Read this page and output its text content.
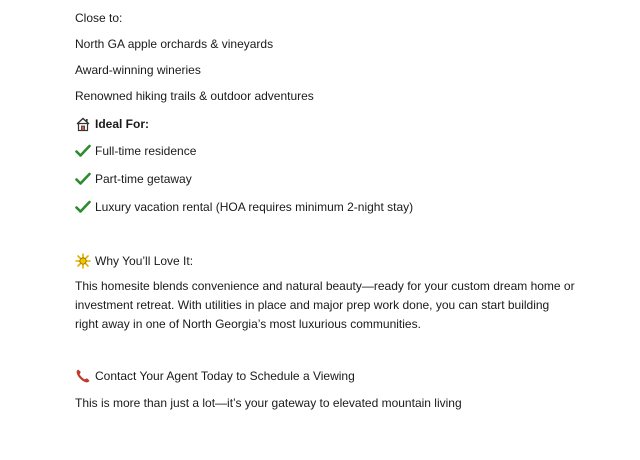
Close to:
North GA apple orchards & vineyards
Award-winning wineries
Renowned hiking trails & outdoor adventures
Ideal For:
Full-time residence
Part-time getaway
Luxury vacation rental (HOA requires minimum 2-night stay)
Why You’ll Love It:
This homesite blends convenience and natural beauty—ready for your custom dream home or investment retreat. With utilities in place and major prep work done, you can start building right away in one of North Georgia’s most luxurious communities.
Contact Your Agent Today to Schedule a Viewing
This is more than just a lot—it’s your gateway to elevated mountain living
